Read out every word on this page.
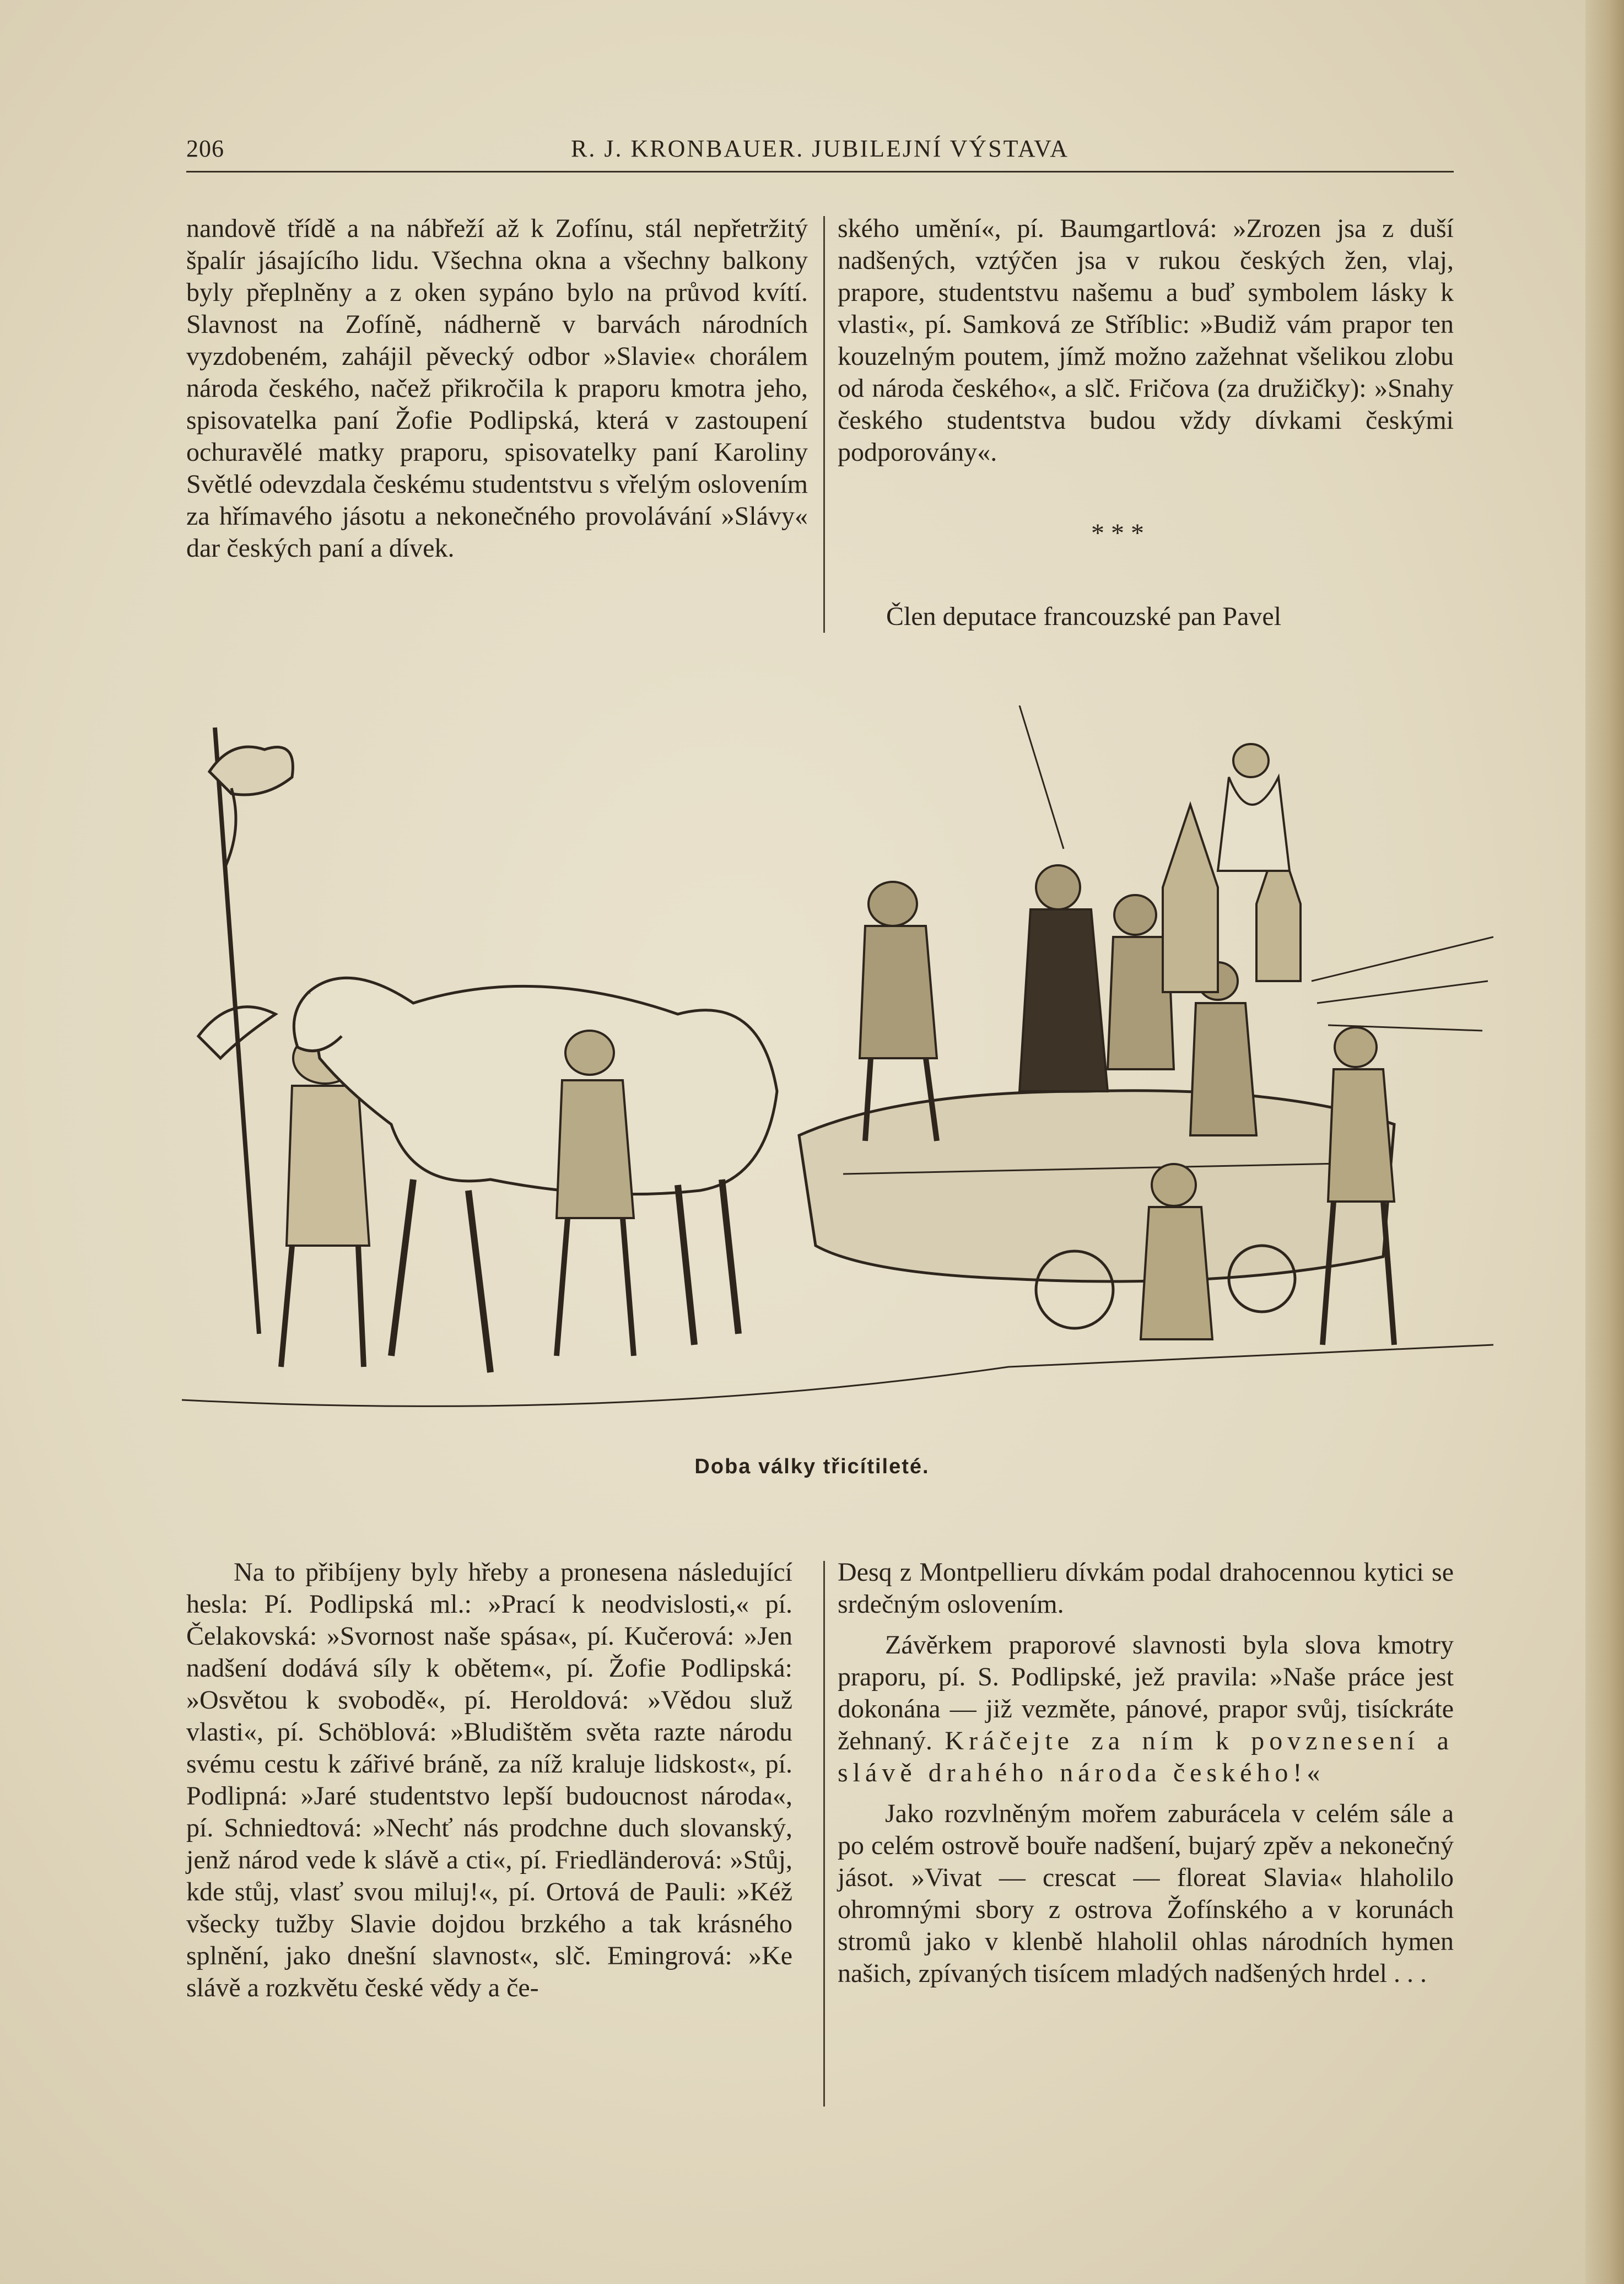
206	R. J. KRONBAUER. JUBILEJNÍ VÝSTAVA

nandově třídě a na nábřeží až k Zofínu, stál nepřetržitý špalír jásajícího lidu. Všechna okna a všechny balkony byly přeplněny a z oken sypáno bylo na průvod kvítí. Slavnost na Zofíně, nádherně v barvách národních vyzdobeném, zahájil pěvecký odbor »Slavie« chorálem národa českého, načež přikročila k praporu kmotra jeho, spisovatelka paní Žofie Podlipská, která v zastoupení ochuravělé matky praporu, spisovatelky paní Karoliny Světlé odevzdala českému studentstvu s vřelým oslovením za hřímavého jásotu a nekonečného provolávání »Slávy« dar českých paní a dívek.

ského umění«, pí. Baumgartlová: »Zrozen jsa z duší nadšených, vztýčen jsa v rukou českých žen, vlaj, prapore, studentstvu našemu a buď symbolem lásky k vlasti«, pí. Samková ze Stříblic: »Budiž vám prapor ten kouzelným poutem, jímž možno zažehnat všelikou zlobu od národa českého«, a slč. Fričova (za družičky): »Snahy českého studentstva budou vždy dívkami českými podporovány«.

* * *

Člen deputace francouzské pan Pavel

Doba války třicítileté.

Na to přibíjeny byly hřeby a pronesena následující hesla: Pí. Podlipská ml.: »Prací k neodvislosti,« pí. Čelakovská: »Svornost naše spása«, pí. Kučerová: »Jen nadšení dodává síly k obětem«, pí. Žofie Podlipská: »Osvětou k svobodě«, pí. Heroldová: »Vědou služ vlasti«, pí. Schöblová: »Bludištěm světa razte národu svému cestu k zářivé bráně, za níž kraluje lidskost«, pí. Podlipná: »Jaré studentstvo lepší budoucnost národa«, pí. Schniedtová: »Nechť nás prodchne duch slovanský, jenž národ vede k slávě a cti«, pí. Friedländerová: »Stůj, kde stůj, vlasť svou miluj!«, pí. Ortová de Pauli: »Kéž všecky tužby Slavie dojdou brzkého a tak krásného splnění, jako dnešní slavnost«, slč. Emingrová: »Ke slávě a rozkvětu české vědy a če-

Desq z Montpellieru dívkám podal drahocennou kytici se srdečným oslovením.

Závěrkem praporové slavnosti byla slova kmotry praporu, pí. S. Podlipské, jež pravila: »Naše práce jest dokonána — již vezměte, pánové, prapor svůj, tisíckráte žehnaný. Kráčejte za ním k povznesení a slávě drahého národa českého!«

Jako rozvlněným mořem zaburácela v celém sále a po celém ostrově bouře nadšení, bujarý zpěv a nekonečný jásot. »Vivat — crescat — floreat Slavia« hlaholilo ohromnými sbory z ostrova Žofínského a v korunách stromů jako v klenbě hlaholil ohlas národních hymen našich, zpívaných tisícem mladých nadšených hrdel . . .
